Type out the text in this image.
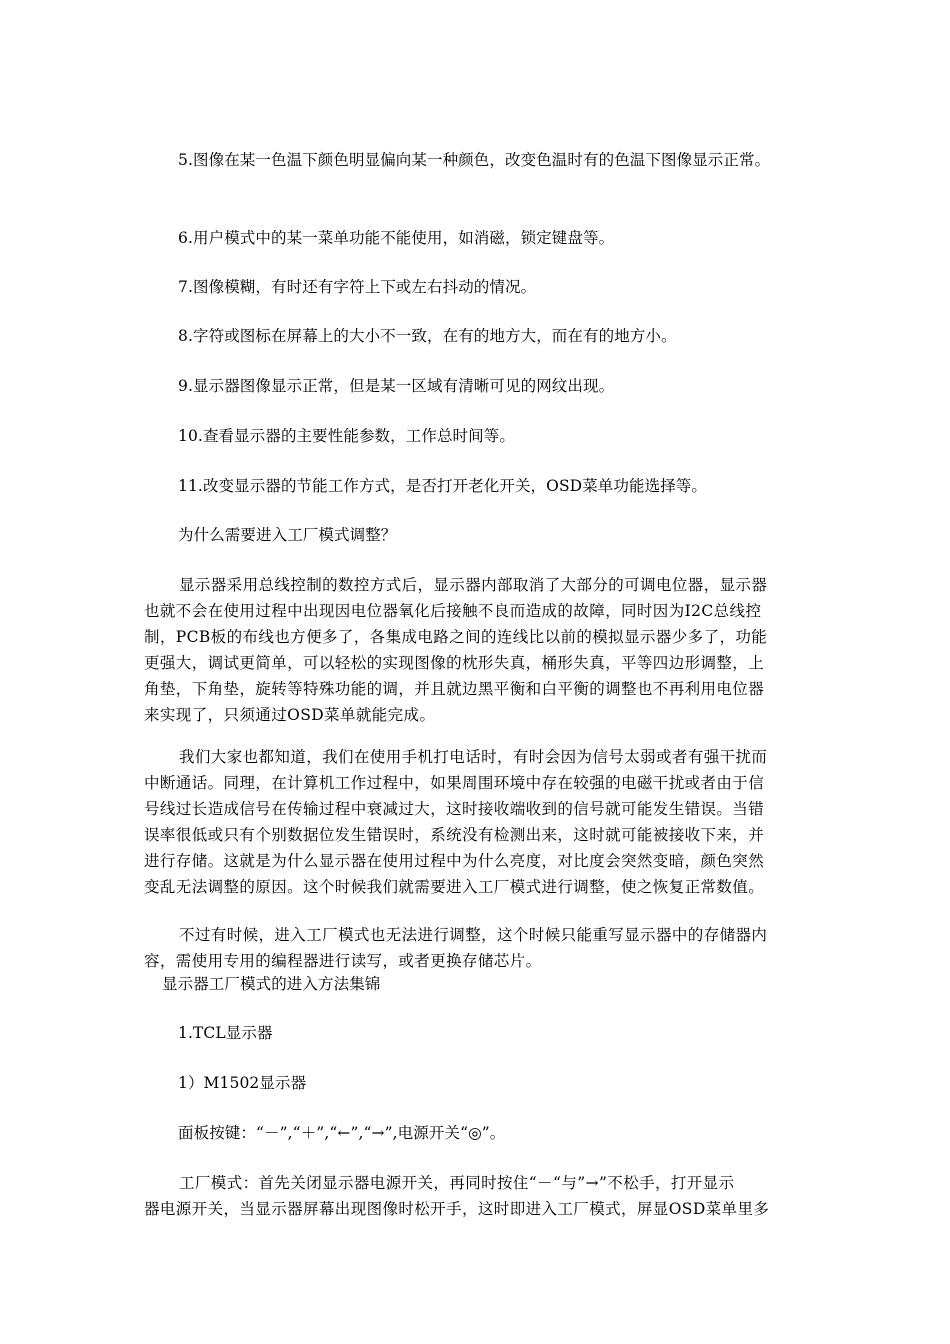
5.图像在某一色温下颜色明显偏向某一种颜色，改变色温时有的色温下图像显示正常。
6.用户模式中的某一菜单功能不能使用，如消磁，锁定键盘等。
7.图像模糊，有时还有字符上下或左右抖动的情况。
8.字符或图标在屏幕上的大小不一致，在有的地方大，而在有的地方小。
9.显示器图像显示正常，但是某一区域有清晰可见的网纹出现。
10.查看显示器的主要性能参数，工作总时间等。
11.改变显示器的节能工作方式，是否打开老化开关，OSD菜单功能选择等。
为什么需要进入工厂模式调整？
显示器采用总线控制的数控方式后，显示器内部取消了大部分的可调电位器，显示器
也就不会在使用过程中出现因电位器氧化后接触不良而造成的故障，同时因为I2C总线控
制，PCB板的布线也方便多了，各集成电路之间的连线比以前的模拟显示器少多了，功能
更强大，调试更简单，可以轻松的实现图像的枕形失真，桶形失真，平等四边形调整，上
角垫，下角垫，旋转等特殊功能的调，并且就边黑平衡和白平衡的调整也不再利用电位器
来实现了，只须通过OSD菜单就能完成。
我们大家也都知道，我们在使用手机打电话时，有时会因为信号太弱或者有强干扰而
中断通话。同理，在计算机工作过程中，如果周围环境中存在较强的电磁干扰或者由于信
号线过长造成信号在传输过程中衰减过大，这时接收端收到的信号就可能发生错误。当错
误率很低或只有个别数据位发生错误时，系统没有检测出来，这时就可能被接收下来，并
进行存储。这就是为什么显示器在使用过程中为什么亮度，对比度会突然变暗，颜色突然
变乱无法调整的原因。这个时候我们就需要进入工厂模式进行调整，使之恢复正常数值。
不过有时候，进入工厂模式也无法进行调整，这个时候只能重写显示器中的存储器内
容，需使用专用的编程器进行读写，或者更换存储芯片。
显示器工厂模式的进入方法集锦
1.TCL显示器
1）M1502显示器
面板按键：“－”,“＋”,“←”,“→”,电源开关“◎”。
工厂模式：首先关闭显示器电源开关，再同时按住“－“与”→”不松手，打开显示
器电源开关，当显示器屏幕出现图像时松开手，这时即进入工厂模式，屏显OSD菜单里多
